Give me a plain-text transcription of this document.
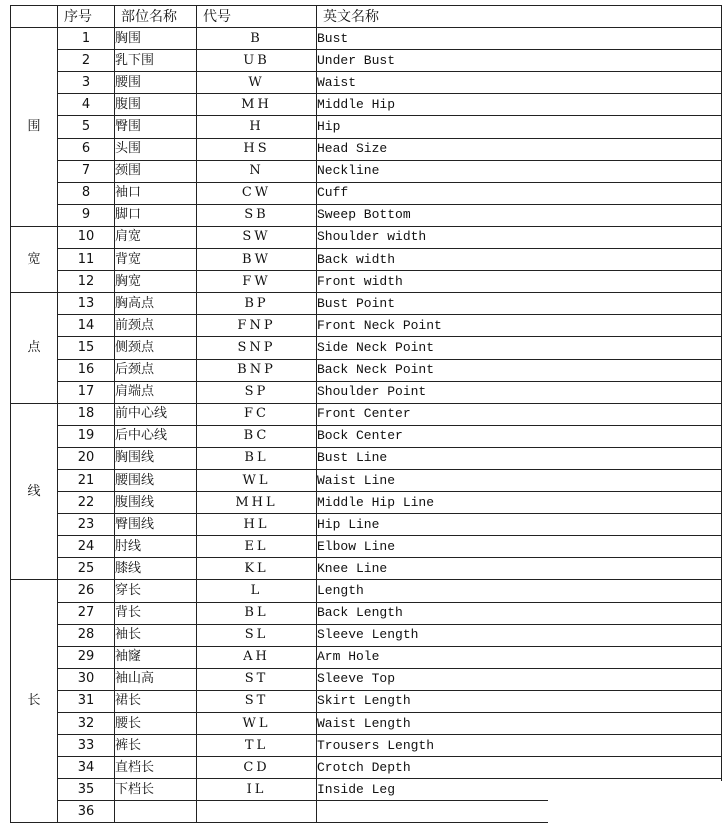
	序号	部位名称	代号	英文名称
围	1	胸围	B	Bust
	2	乳下围	UB	Under Bust
	3	腰围	W	Waist
	4	腹围	MH	Middle Hip
	5	臀围	H	Hip
	6	头围	HS	Head Size
	7	颈围	N	Neckline
	8	袖口	CW	Cuff
	9	脚口	SB	Sweep Bottom
宽	10	肩宽	SW	Shoulder width
	11	背宽	BW	Back width
	12	胸宽	FW	Front width
点	13	胸高点	BP	Bust Point
	14	前颈点	FNP	Front Neck Point
	15	侧颈点	SNP	Side Neck Point
	16	后颈点	BNP	Back Neck Point
	17	肩端点	SP	Shoulder Point
线	18	前中心线	FC	Front Center
	19	后中心线	BC	Bock Center
	20	胸围线	BL	Bust Line
	21	腰围线	WL	Waist Line
	22	腹围线	MHL	Middle Hip Line
	23	臀围线	HL	Hip Line
	24	肘线	EL	Elbow Line
	25	膝线	KL	Knee Line
长	26	穿长	L	Length
	27	背长	BL	Back Length
	28	袖长	SL	Sleeve Length
	29	袖窿	AH	Arm Hole
	30	袖山高	ST	Sleeve Top
	31	裙长	ST	Skirt Length
	32	腰长	WL	Waist Length
	33	裤长	TL	Trousers Length
	34	直档长	CD	Crotch Depth
	35	下档长	IL	Inside Leg
	36			
